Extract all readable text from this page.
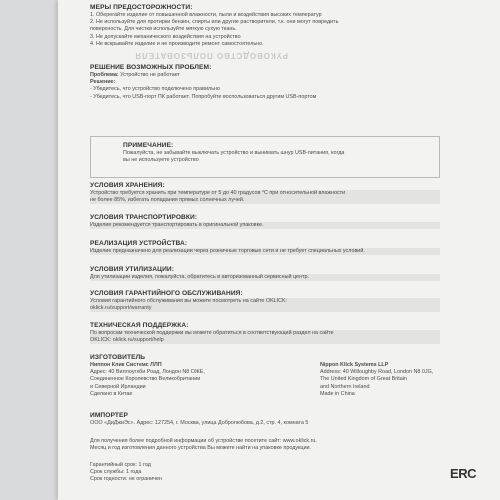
РУКОВОДСТВО ПОЛЬЗОВАТЕЛЯ
МЕРЫ ПРЕДОСТОРОЖНОСТИ:
1. Оберегайте изделие от повышенной влажности, пыли и воздействия высоких температур
2. Не используйте для протирки бензин, спирты или другие растворители, т.к. они могут повредить
поверхность. Для чистки используйте мягкую сухую ткань.
3. Не допускайте механического воздействия на устройство
4. Не вскрывайте изделие и не производите ремонт самостоятельно.
РЕШЕНИЕ ВОЗМОЖНЫХ ПРОБЛЕМ:
Проблема: Устройство не работает
Решение:
- Убедитесь, что устройство подключено правильно
- Убедитесь, что USB-порт ПК работает. Попробуйте воспользоваться другим USB-портом
ПРИМЕЧАНИЕ:
Пожалуйста, не забывайте выключать устройство и вынимать шнур USB-питания, когда
вы не используете устройство
УСЛОВИЯ ХРАНЕНИЯ:
Устройство требуется хранить при температуре от 5 до 40 градусов °С при относительной влажности
не более 85%, избегать попадания прямых солнечных лучей.
УСЛОВИЯ ТРАНСПОРТИРОВКИ:
Изделие рекомендуется транспортировать в оригинальной упаковке.
РЕАЛИЗАЦИЯ УСТРОЙСТВА:
Изделие предназначено для реализации через розничные торговые сети и не требует специальных условий.
УСЛОВИЯ УТИЛИЗАЦИИ:
Для утилизации изделия, пожалуйста, обратитесь в авторизованный сервисный центр.
УСЛОВИЯ ГАРАНТИЙНОГО ОБСЛУЖИВАНИЯ:
Условия гарантийного обслуживания вы можете посмотреть на сайте OKLICK:
oklick.ru/support/warranty
ТЕХНИЧЕСКАЯ ПОДДЕРЖКА:
По вопросам технической поддержки вы можете обратиться в соответствующий раздел на сайте
OKLICK: oklick.ru/support/help
ИЗГОТОВИТЕЛЬ
Ниппон Клик Системс ЛЛП
Адрес: 40 Виллоугхби Роад, Лондон N8 ОЖЕ,
Соединенное Королевство Великобритании
и Северной Ирландии
Сделано в Китае
Nippon Klick Systems LLP
Address: 40 Willoughby Road, London N8 0JG,
The United Kingdom of Great Britain
and Northern Ireland
Made in China
ИМПОРТЕР
ООО «ДиДжиЭс». Адрес: 127254, г. Москва, улица Добролюбова, д.2, стр. 4, комната 5
Для получения более подробной информации об устройстве посетите сайт: www.oklick.ru.
Месяц и год изготовления данного устройства Вы можете найти на упаковке продукции.
Гарантийный срок: 1 год
Срок службы: 1 года
Срок годности: не ограничен	ERC
